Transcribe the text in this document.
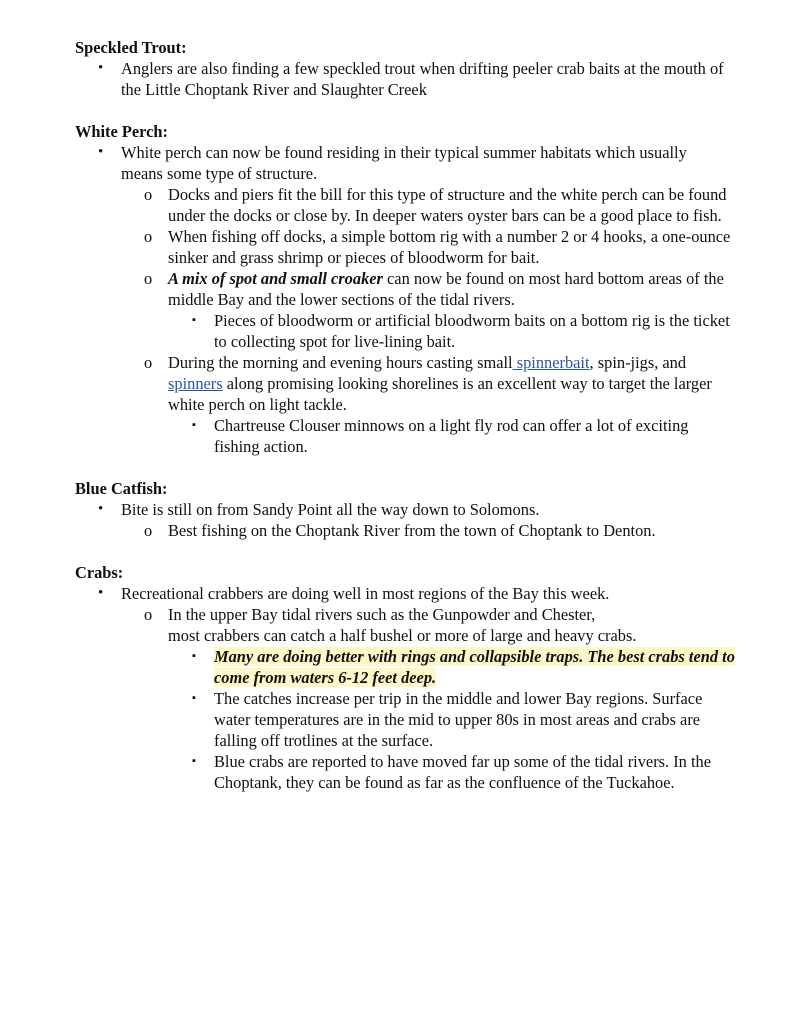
Speckled Trout:
• Anglers are also finding a few speckled trout when drifting peeler crab baits at the mouth of the Little Choptank River and Slaughter Creek
White Perch:
• White perch can now be found residing in their typical summer habitats which usually means some type of structure.
o Docks and piers fit the bill for this type of structure and the white perch can be found under the docks or close by. In deeper waters oyster bars can be a good place to fish.
o When fishing off docks, a simple bottom rig with a number 2 or 4 hooks, a one-ounce sinker and grass shrimp or pieces of bloodworm for bait.
o A mix of spot and small croaker can now be found on most hard bottom areas of the middle Bay and the lower sections of the tidal rivers.
▪ Pieces of bloodworm or artificial bloodworm baits on a bottom rig is the ticket to collecting spot for live-lining bait.
o During the morning and evening hours casting small spinnerbait, spin-jigs, and spinners along promising looking shorelines is an excellent way to target the larger white perch on light tackle.
▪ Chartreuse Clouser minnows on a light fly rod can offer a lot of exciting fishing action.
Blue Catfish:
• Bite is still on from Sandy Point all the way down to Solomons.
o Best fishing on the Choptank River from the town of Choptank to Denton.
Crabs:
• Recreational crabbers are doing well in most regions of the Bay this week.
o In the upper Bay tidal rivers such as the Gunpowder and Chester,
most crabbers can catch a half bushel or more of large and heavy crabs.
▪ Many are doing better with rings and collapsible traps. The best crabs tend to come from waters 6-12 feet deep.
▪ The catches increase per trip in the middle and lower Bay regions. Surface water temperatures are in the mid to upper 80s in most areas and crabs are falling off trotlines at the surface.
▪ Blue crabs are reported to have moved far up some of the tidal rivers. In the Choptank, they can be found as far as the confluence of the Tuckahoe.
